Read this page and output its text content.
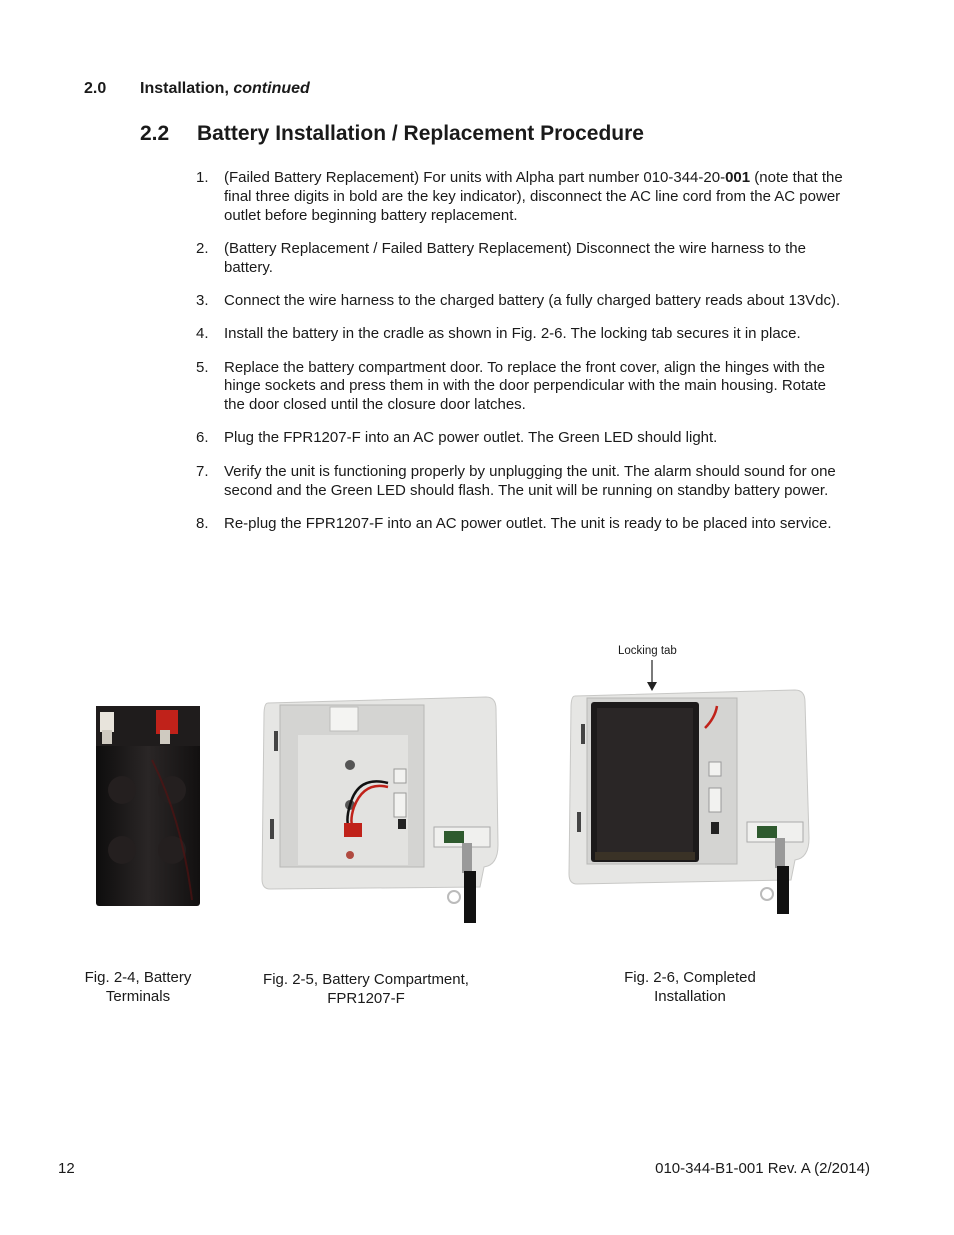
2.0 Installation, continued
2.2 Battery Installation / Replacement Procedure
1. (Failed Battery Replacement) For units with Alpha part number 010-344-20-001 (note that the final three digits in bold are the key indicator), disconnect the AC line cord from the AC power outlet before beginning battery replacement.
2. (Battery Replacement / Failed Battery Replacement) Disconnect the wire harness to the battery.
3. Connect the wire harness to the charged battery (a fully charged battery reads about 13Vdc).
4. Install the battery in the cradle as shown in Fig. 2-6. The locking tab secures it in place.
5. Replace the battery compartment door. To replace the front cover, align the hinges with the hinge sockets and press them in with the door perpendicular with the main housing. Rotate the door closed until the closure door latches.
6. Plug the FPR1207-F into an AC power outlet. The Green LED should light.
7. Verify the unit is functioning properly by unplugging the unit. The alarm should sound for one second and the Green LED should flash. The unit will be running on standby battery power.
8. Re-plug the FPR1207-F into an AC power outlet. The unit is ready to be placed into service.
Locking tab
Fig. 2-4, Battery
Terminals
Fig. 2-5, Battery Compartment,
FPR1207-F
Fig. 2-6, Completed
Installation
12	010-344-B1-001 Rev. A (2/2014)
